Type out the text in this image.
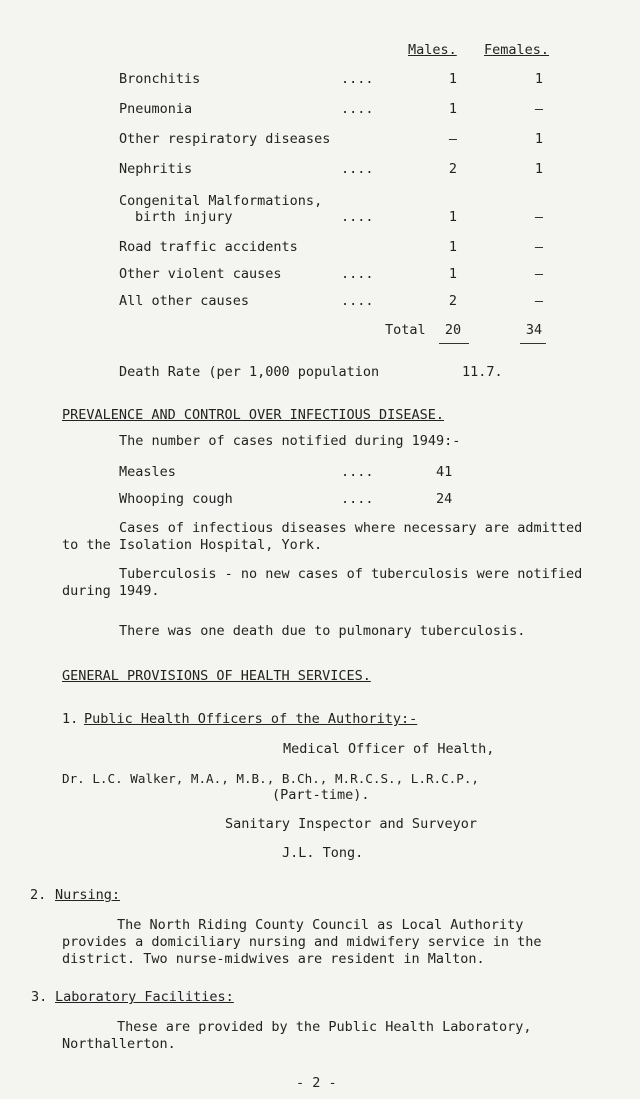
Males. Females.
Bronchitis	....	1	1
Pneumonia	....	1	–
Other respiratory diseases	–	1
Nephritis	....	2	1
Congenital Malformations,
birth injury	....	1	–
Road traffic accidents	1	–
Other violent causes	....	1	–
All other causes	....	2	–
Total	20	34
Death Rate (per 1,000 population	11.7.
PREVALENCE AND CONTROL OVER INFECTIOUS DISEASE.
The number of cases notified during 1949:-
Measles	....	41
Whooping cough	....	24
Cases of infectious diseases where necessary are admitted
to the Isolation Hospital, York.
Tuberculosis - no new cases of tuberculosis were notified
during 1949.
There was one death due to pulmonary tuberculosis.
GENERAL PROVISIONS OF HEALTH SERVICES.
1. Public Health Officers of the Authority:-
Medical Officer of Health,
Dr. L.C. Walker, M.A., M.B., B.Ch., M.R.C.S., L.R.C.P.,
(Part-time).
Sanitary Inspector and Surveyor
J.L. Tong.
2. Nursing:
The North Riding County Council as Local Authority
provides a domiciliary nursing and midwifery service in the
district. Two nurse-midwives are resident in Malton.
3. Laboratory Facilities:
These are provided by the Public Health Laboratory,
Northallerton.
- 2 -
